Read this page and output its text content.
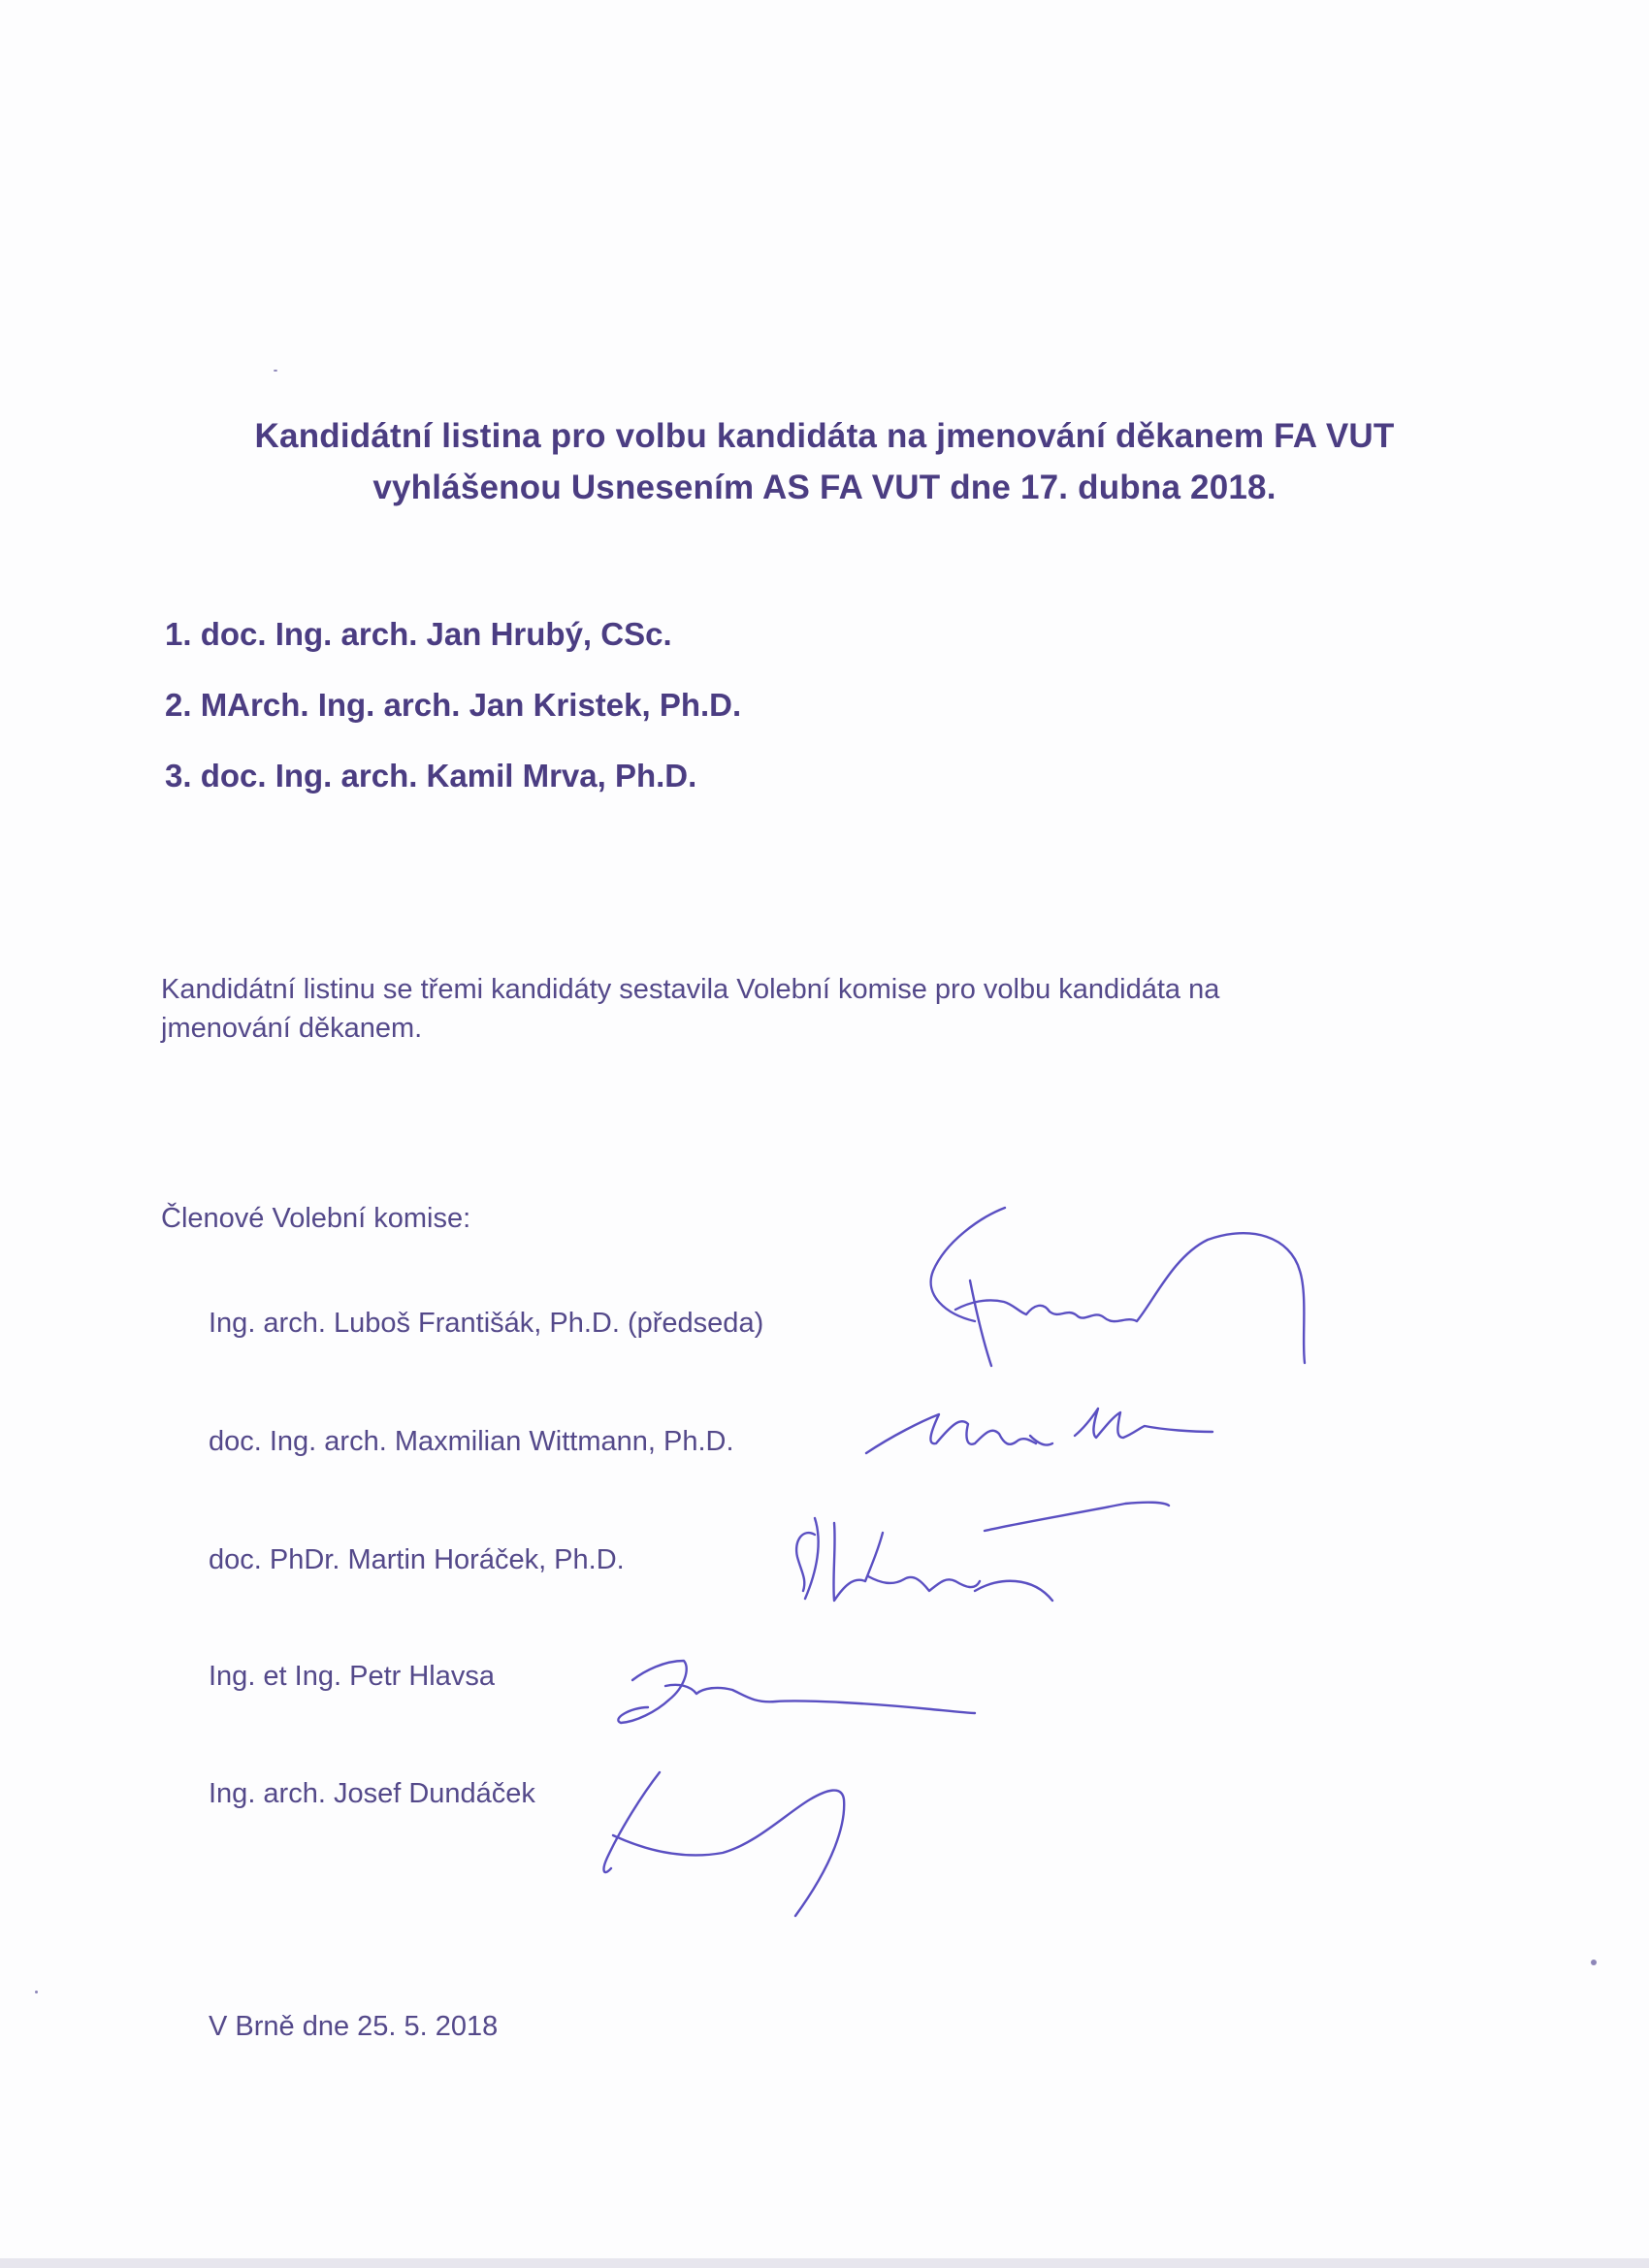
Kandidátní listina pro volbu kandidáta na jmenování děkanem FA VUT
vyhlášenou Usnesením AS FA VUT dne 17. dubna 2018.
1. doc. Ing. arch. Jan Hrubý, CSc.
2. MArch. Ing. arch. Jan Kristek, Ph.D.
3. doc. Ing. arch. Kamil Mrva, Ph.D.
Kandidátní listinu se třemi kandidáty sestavila Volební komise pro volbu kandidáta na jmenování děkanem.
Členové Volební komise:
Ing. arch. Luboš Františák, Ph.D. (předseda)
doc. Ing. arch. Maxmilian Wittmann, Ph.D.
doc. PhDr. Martin Horáček, Ph.D.
Ing. et Ing. Petr Hlavsa
Ing. arch. Josef Dundáček
V Brně dne 25. 5. 2018
